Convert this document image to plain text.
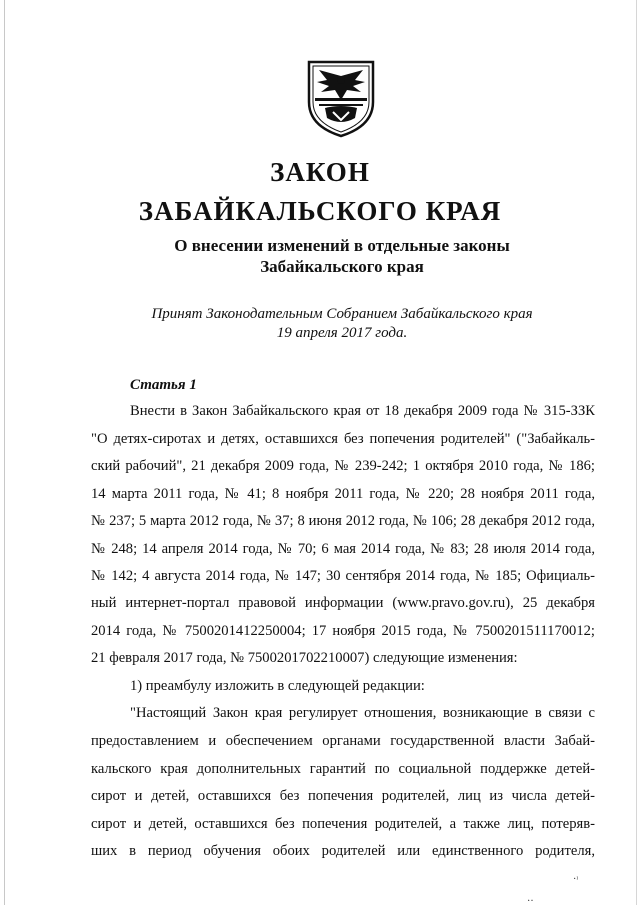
ЗАКОН
ЗАБАЙКАЛЬСКОГО КРАЯ
О внесении изменений в отдельные законы
Забайкальского края
Принят Законодательным Собранием Забайкальского края
19 апреля 2017 года.
Статья 1
Внести в Закон Забайкальского края от 18 декабря 2009 года № 315-ЗЗК
"О детях-сиротах и детях, оставшихся без попечения родителей" ("Забайкаль-
ский рабочий", 21 декабря 2009 года, № 239-242; 1 октября 2010 года, № 186;
14 марта 2011 года, № 41; 8 ноября 2011 года, № 220; 28 ноября 2011 года,
№ 237; 5 марта 2012 года, № 37; 8 июня 2012 года, № 106; 28 декабря 2012 года,
№ 248; 14 апреля 2014 года, № 70; 6 мая 2014 года, № 83; 28 июля 2014 года,
№ 142; 4 августа 2014 года, № 147; 30 сентября 2014 года, № 185; Официаль-
ный интернет-портал правовой информации (www.pravo.gov.ru), 25 декабря
2014 года, № 7500201412250004; 17 ноября 2015 года, № 7500201511170012;
21 февраля 2017 года, № 7500201702210007) следующие изменения:
1) преамбулу изложить в следующей редакции:
"Настоящий Закон края регулирует отношения, возникающие в связи с
предоставлением и обеспечением органами государственной власти Забай-
кальского края дополнительных гарантий по социальной поддержке детей-
сирот и детей, оставшихся без попечения родителей, лиц из числа детей-
сирот и детей, оставшихся без попечения родителей, а также лиц, потеряв-
ших в период обучения обоих родителей или единственного родителя,
·ᶦ
‥
